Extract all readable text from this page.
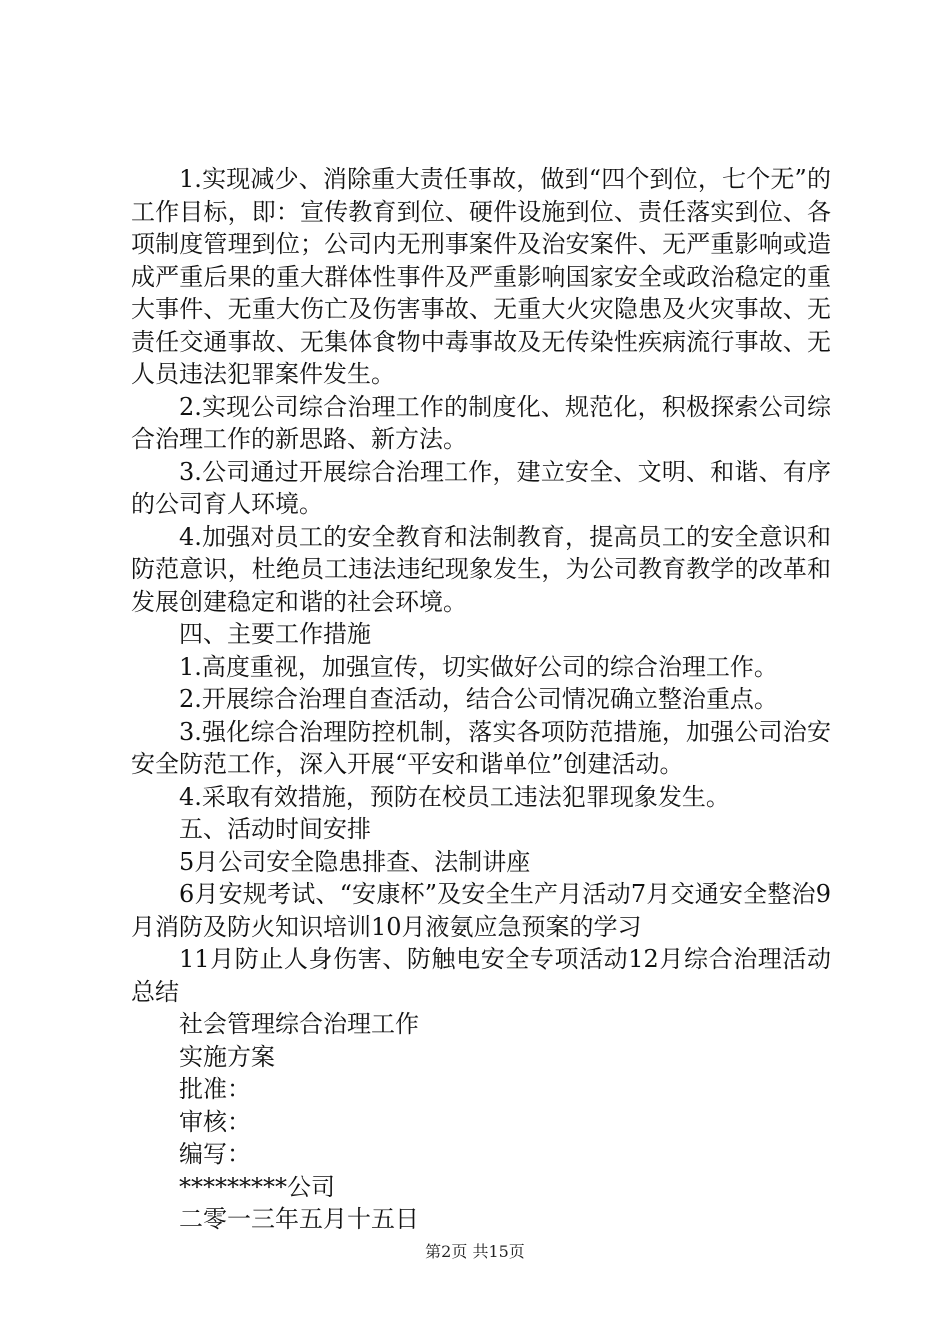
1.实现减少、消除重大责任事故，做到“四个到位，七个无”的工作目标，即：宣传教育到位、硬件设施到位、责任落实到位、各项制度管理到位；公司内无刑事案件及治安案件、无严重影响或造成严重后果的重大群体性事件及严重影响国家安全或政治稳定的重大事件、无重大伤亡及伤害事故、无重大火灾隐患及火灾事故、无责任交通事故、无集体食物中毒事故及无传染性疾病流行事故、无人员违法犯罪案件发生。

2.实现公司综合治理工作的制度化、规范化，积极探索公司综合治理工作的新思路、新方法。

3.公司通过开展综合治理工作，建立安全、文明、和谐、有序的公司育人环境。

4.加强对员工的安全教育和法制教育，提高员工的安全意识和防范意识，杜绝员工违法违纪现象发生，为公司教育教学的改革和发展创建稳定和谐的社会环境。

四、主要工作措施

1.高度重视，加强宣传，切实做好公司的综合治理工作。

2.开展综合治理自查活动，结合公司情况确立整治重点。

3.强化综合治理防控机制，落实各项防范措施，加强公司治安安全防范工作，深入开展“平安和谐单位”创建活动。

4.采取有效措施，预防在校员工违法犯罪现象发生。

五、活动时间安排

5月公司安全隐患排查、法制讲座

6月安规考试、“安康杯”及安全生产月活动7月交通安全整治9月消防及防火知识培训10月液氨应急预案的学习

11月防止人身伤害、防触电安全专项活动12月综合治理活动总结

社会管理综合治理工作

实施方案

批准：

审核：

编写：

*********公司

二零一三年五月十五日

第2页 共15页
